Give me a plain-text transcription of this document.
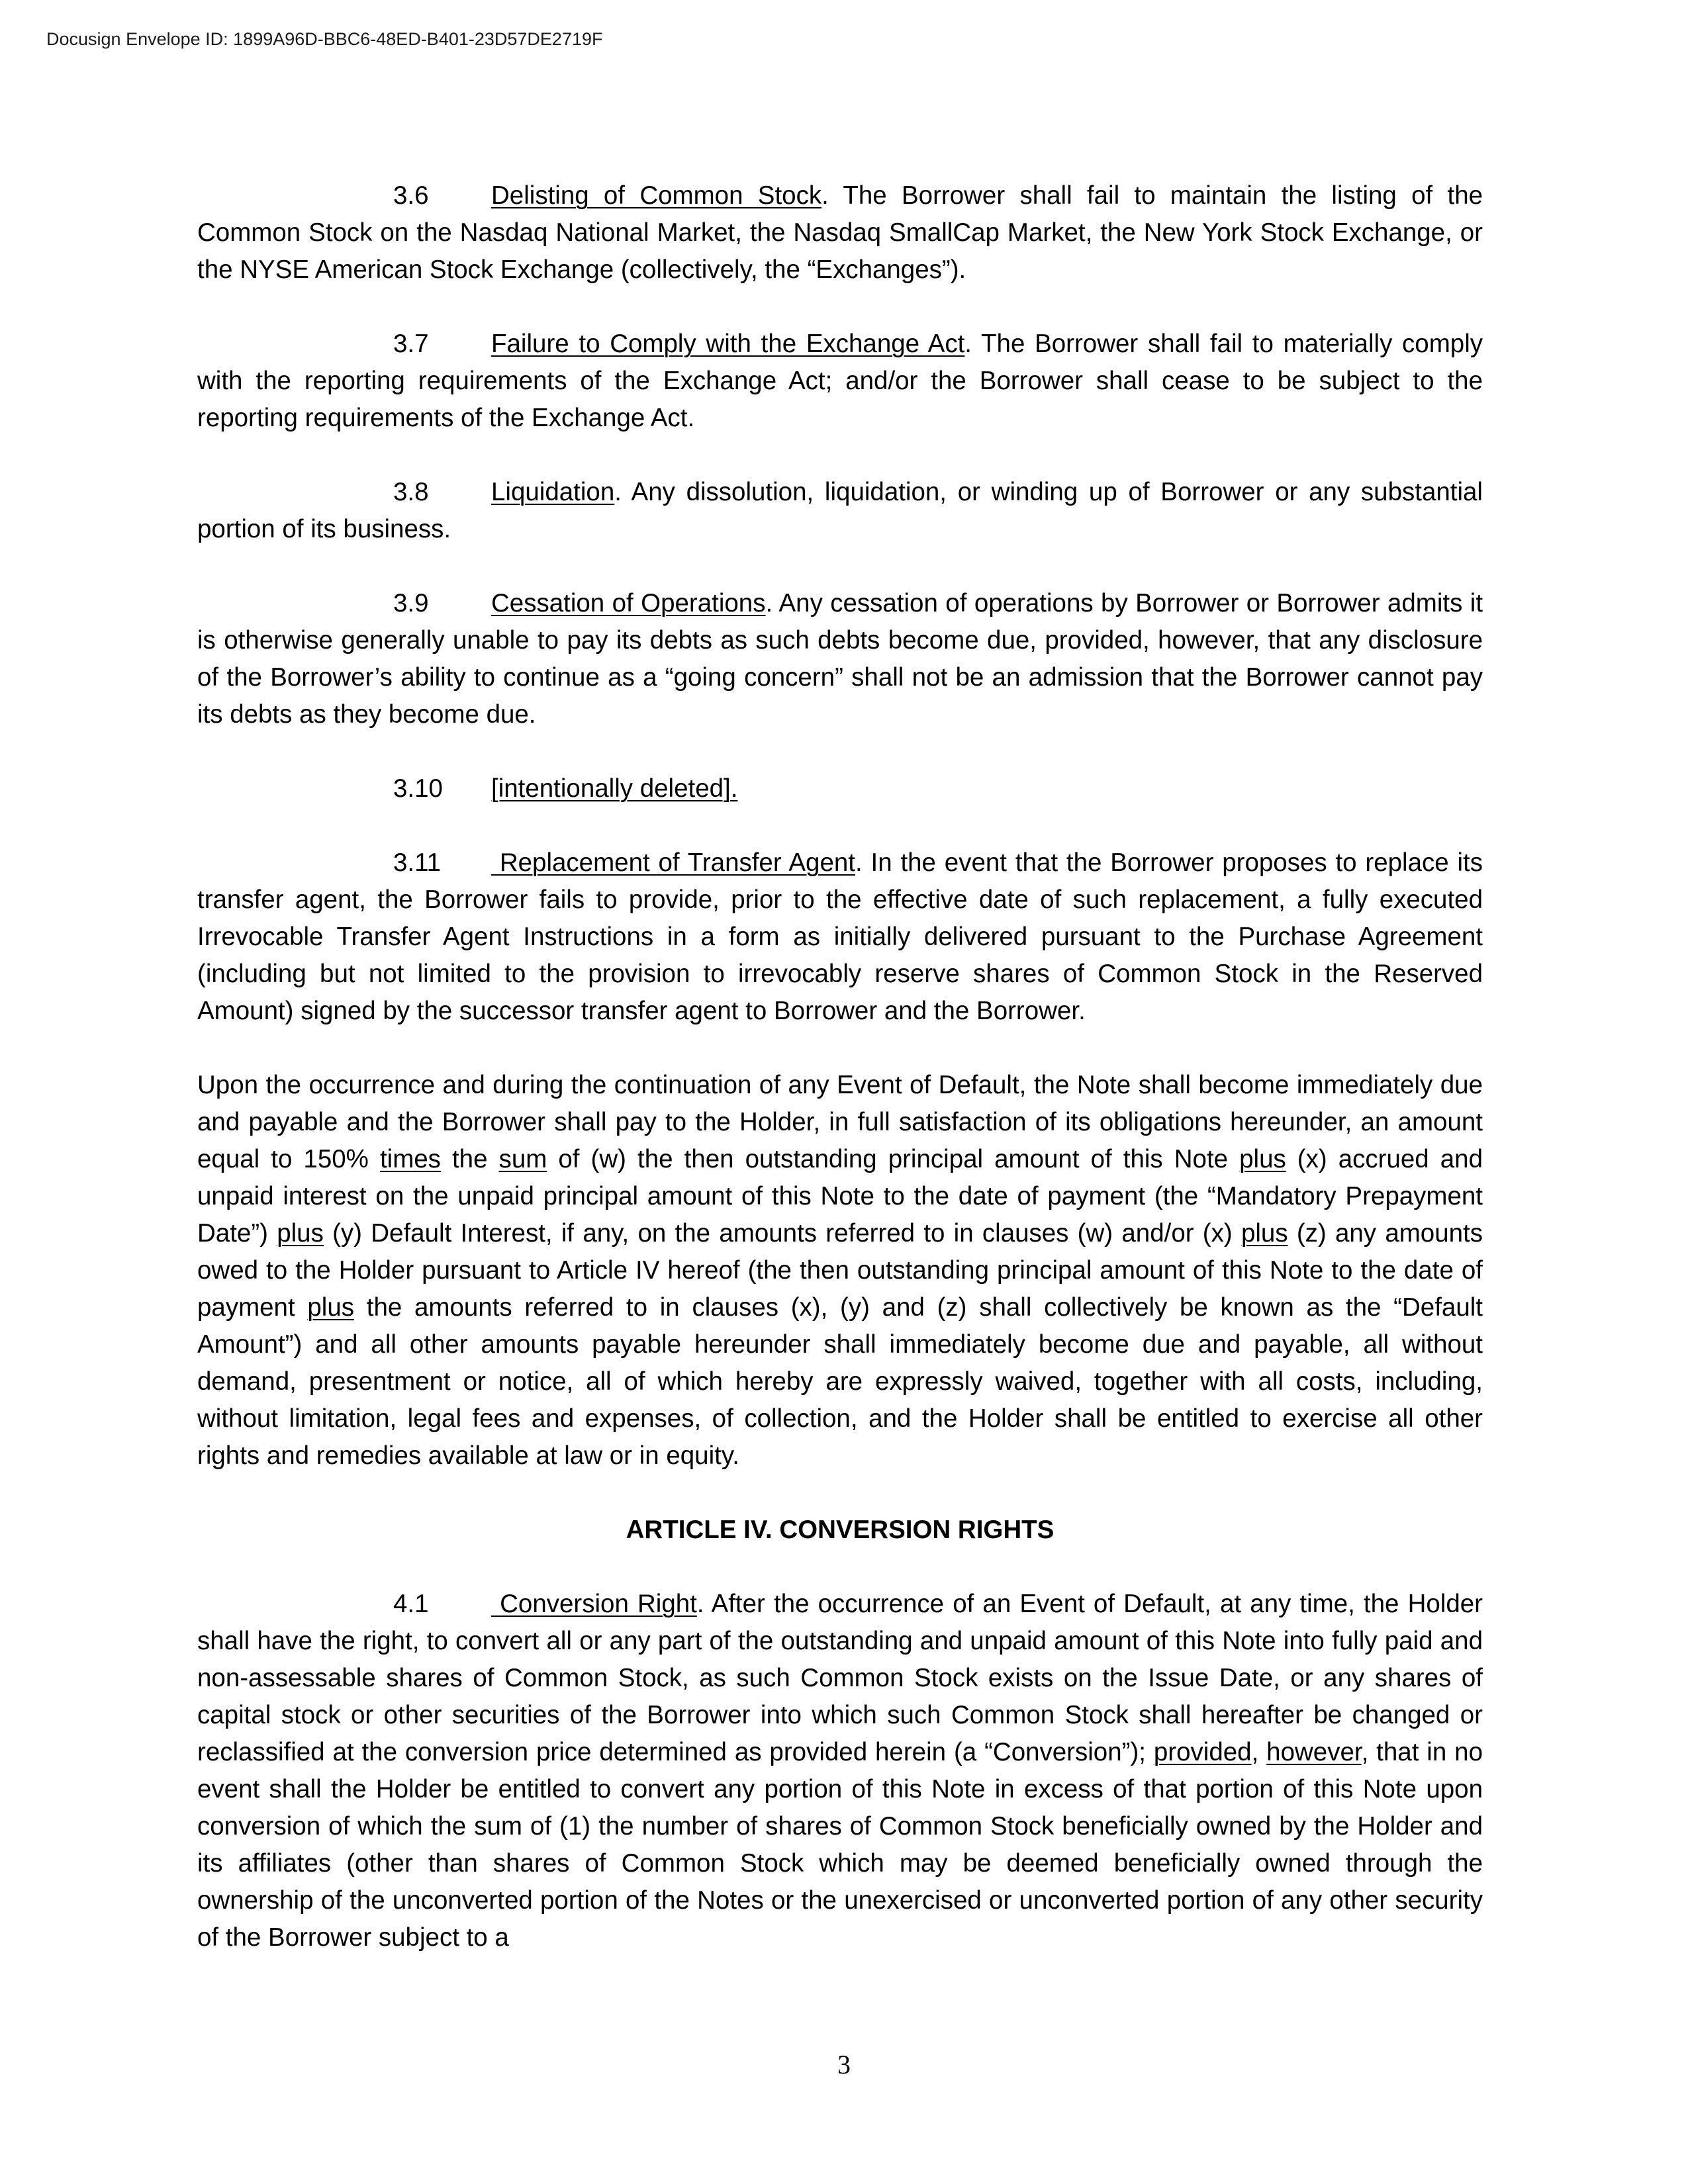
Docusign Envelope ID: 1899A96D-BBC6-48ED-B401-23D57DE2719F

3.6 Delisting of Common Stock. The Borrower shall fail to maintain the listing of the Common Stock on the Nasdaq National Market, the Nasdaq SmallCap Market, the New York Stock Exchange, or the NYSE American Stock Exchange (collectively, the “Exchanges”).

3.7 Failure to Comply with the Exchange Act. The Borrower shall fail to materially comply with the reporting requirements of the Exchange Act; and/or the Borrower shall cease to be subject to the reporting requirements of the Exchange Act.

3.8 Liquidation. Any dissolution, liquidation, or winding up of Borrower or any substantial portion of its business.

3.9 Cessation of Operations. Any cessation of operations by Borrower or Borrower admits it is otherwise generally unable to pay its debts as such debts become due, provided, however, that any disclosure of the Borrower’s ability to continue as a “going concern” shall not be an admission that the Borrower cannot pay its debts as they become due.

3.10 [intentionally deleted].

3.11 Replacement of Transfer Agent. In the event that the Borrower proposes to replace its transfer agent, the Borrower fails to provide, prior to the effective date of such replacement, a fully executed Irrevocable Transfer Agent Instructions in a form as initially delivered pursuant to the Purchase Agreement (including but not limited to the provision to irrevocably reserve shares of Common Stock in the Reserved Amount) signed by the successor transfer agent to Borrower and the Borrower.

Upon the occurrence and during the continuation of any Event of Default, the Note shall become immediately due and payable and the Borrower shall pay to the Holder, in full satisfaction of its obligations hereunder, an amount equal to 150% times the sum of (w) the then outstanding principal amount of this Note plus (x) accrued and unpaid interest on the unpaid principal amount of this Note to the date of payment (the “Mandatory Prepayment Date”) plus (y) Default Interest, if any, on the amounts referred to in clauses (w) and/or (x) plus (z) any amounts owed to the Holder pursuant to Article IV hereof (the then outstanding principal amount of this Note to the date of payment plus the amounts referred to in clauses (x), (y) and (z) shall collectively be known as the “Default Amount”) and all other amounts payable hereunder shall immediately become due and payable, all without demand, presentment or notice, all of which hereby are expressly waived, together with all costs, including, without limitation, legal fees and expenses, of collection, and the Holder shall be entitled to exercise all other rights and remedies available at law or in equity.

ARTICLE IV. CONVERSION RIGHTS

4.1 Conversion Right. After the occurrence of an Event of Default, at any time, the Holder shall have the right, to convert all or any part of the outstanding and unpaid amount of this Note into fully paid and non-assessable shares of Common Stock, as such Common Stock exists on the Issue Date, or any shares of capital stock or other securities of the Borrower into which such Common Stock shall hereafter be changed or reclassified at the conversion price determined as provided herein (a “Conversion”); provided, however, that in no event shall the Holder be entitled to convert any portion of this Note in excess of that portion of this Note upon conversion of which the sum of (1) the number of shares of Common Stock beneficially owned by the Holder and its affiliates (other than shares of Common Stock which may be deemed beneficially owned through the ownership of the unconverted portion of the Notes or the unexercised or unconverted portion of any other security of the Borrower subject to a

3
